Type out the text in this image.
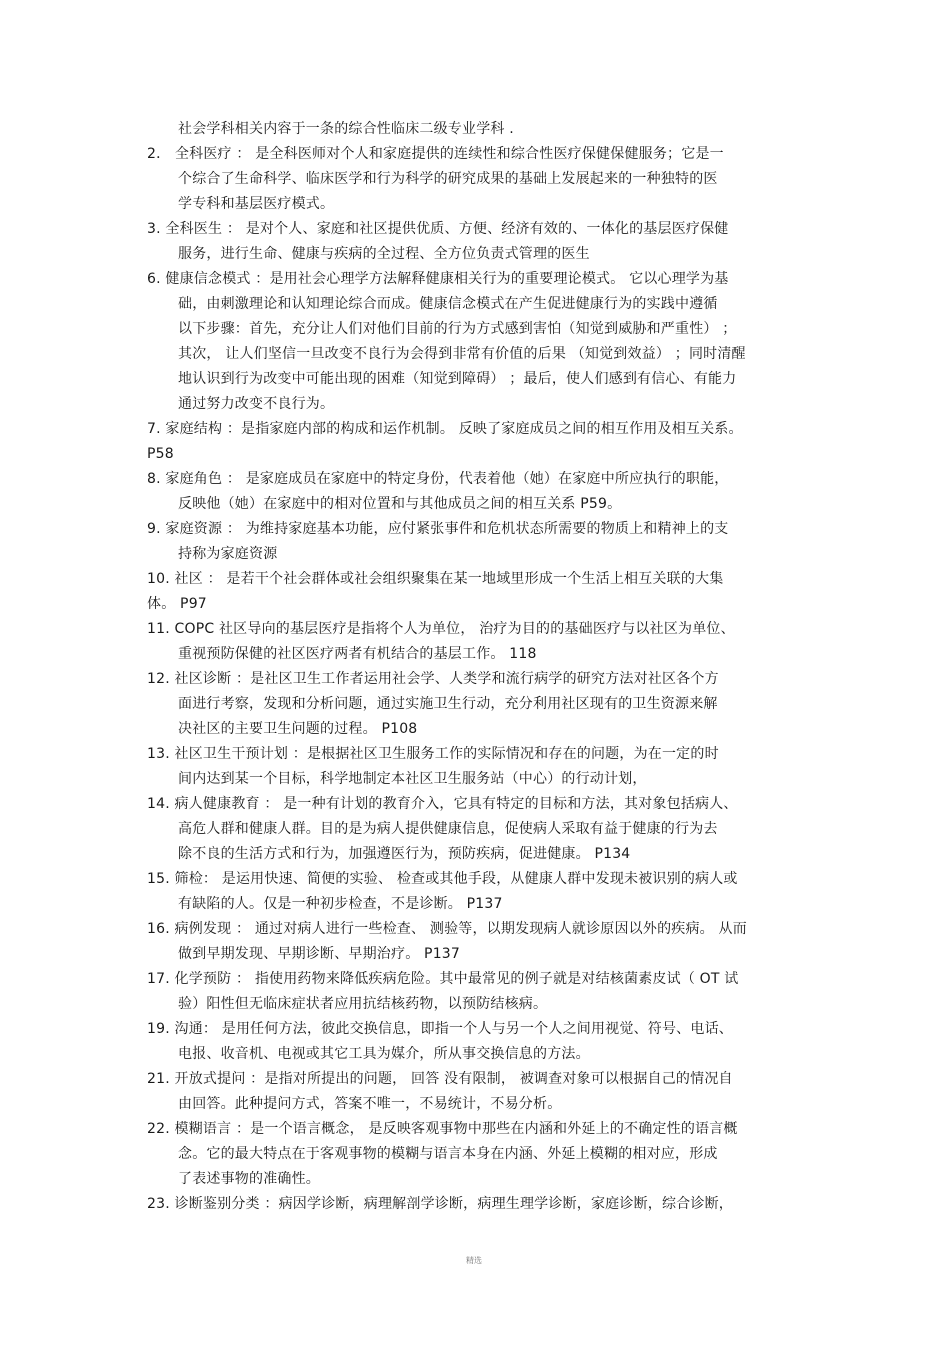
社会学科相关内容于一条的综合性临床二级专业学科 .
2． 全科医疗 ： 是全科医师对个人和家庭提供的连续性和综合性医疗保健保健服务；它是一
个综合了生命科学、临床医学和行为科学的研究成果的基础上发展起来的一种独特的医
学专科和基层医疗模式。
3. 全科医生 ： 是对个人、家庭和社区提供优质、方便、经济有效的、一体化的基层医疗保健
服务，进行生命、健康与疾病的全过程、全方位负责式管理的医生
6. 健康信念模式 ：是用社会心理学方法解释健康相关行为的重要理论模式。 它以心理学为基
础，由刺激理论和认知理论综合而成。健康信念模式在产生促进健康行为的实践中遵循
以下步骤：首先，充分让人们对他们目前的行为方式感到害怕（知觉到威胁和严重性） ；
其次， 让人们坚信一旦改变不良行为会得到非常有价值的后果 （知觉到效益） ；同时清醒
地认识到行为改变中可能出现的困难（知觉到障碍） ；最后，使人们感到有信心、有能力
通过努力改变不良行为。
7. 家庭结构 ：是指家庭内部的构成和运作机制。 反映了家庭成员之间的相互作用及相互关系。
P58
8. 家庭角色 ： 是家庭成员在家庭中的特定身份，代表着他（她）在家庭中所应执行的职能，
反映他（她）在家庭中的相对位置和与其他成员之间的相互关系 P59。
9. 家庭资源 ： 为维持家庭基本功能，应付紧张事件和危机状态所需要的物质上和精神上的支
持称为家庭资源
10. 社区 ： 是若干个社会群体或社会组织聚集在某一地域里形成一个生活上相互关联的大集
体。 P97
11. COPC 社区导向的基层医疗是指将个人为单位， 治疗为目的的基础医疗与以社区为单位、
重视预防保健的社区医疗两者有机结合的基层工作。 118
12. 社区诊断 ：是社区卫生工作者运用社会学、人类学和流行病学的研究方法对社区各个方
面进行考察，发现和分析问题，通过实施卫生行动，充分利用社区现有的卫生资源来解
决社区的主要卫生问题的过程。 P108
13. 社区卫生干预计划 ：是根据社区卫生服务工作的实际情况和存在的问题，为在一定的时
间内达到某一个目标，科学地制定本社区卫生服务站（中心）的行动计划，
14. 病人健康教育 ： 是一种有计划的教育介入，它具有特定的目标和方法，其对象包括病人、
高危人群和健康人群。目的是为病人提供健康信息，促使病人采取有益于健康的行为去
除不良的生活方式和行为，加强遵医行为，预防疾病，促进健康。 P134
15. 筛检： 是运用快速、简便的实验、 检查或其他手段，从健康人群中发现未被识别的病人或
有缺陷的人。仅是一种初步检查，不是诊断。 P137
16. 病例发现 ： 通过对病人进行一些检查、 测验等，以期发现病人就诊原因以外的疾病。 从而
做到早期发现、早期诊断、早期治疗。 P137
17. 化学预防 ： 指使用药物来降低疾病危险。其中最常见的例子就是对结核菌素皮试（ OT 试
验）阳性但无临床症状者应用抗结核药物，以预防结核病。
19. 沟通： 是用任何方法，彼此交换信息，即指一个人与另一个人之间用视觉、符号、电话、
电报、收音机、电视或其它工具为媒介，所从事交换信息的方法。
21. 开放式提问 ：是指对所提出的问题， 回答 没有限制， 被调查对象可以根据自己的情况自
由回答。此种提问方式，答案不唯一，不易统计，不易分析。
22. 模糊语言 ：是一个语言概念， 是反映客观事物中那些在内涵和外延上的不确定性的语言概
念。它的最大特点在于客观事物的模糊与语言本身在内涵、外延上模糊的相对应，形成
了表述事物的准确性。
23. 诊断鉴别分类 ：病因学诊断，病理解剖学诊断，病理生理学诊断，家庭诊断，综合诊断，
精选
